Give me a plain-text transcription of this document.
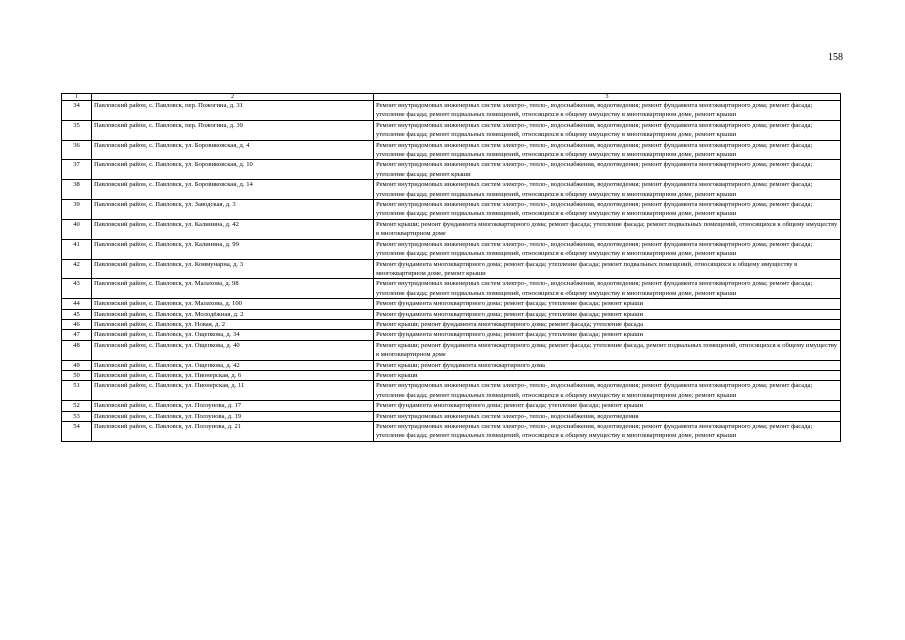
158
1	2	3
34	Павловский район, с. Павловск, пер. Пожогина, д. 31	Ремонт внутридомовых инженерных систем электро-, тепло-, водоснабжения, водоотведения; ремонт фундамента многоквартирного дома; ремонт фасада; утепление фасада; ремонт подвальных помещений, относящихся к общему имуществу в многоквартирном доме, ремонт крыши
35	Павловский район, с. Павловск, пер. Пожогина, д. 39	Ремонт внутридомовых инженерных систем электро-, тепло-, водоснабжения, водоотведения; ремонт фундамента многоквартирного дома; ремонт фасада; утепление фасада; ремонт подвальных помещений, относящихся к общему имуществу в многоквартирном доме, ремонт крыши
36	Павловский район, с. Павловск, ул. Боровиковская, д. 4	Ремонт внутридомовых инженерных систем электро-, тепло-, водоснабжения, водоотведения; ремонт фундамента многоквартирного дома; ремонт фасада; утепление фасада; ремонт подвальных помещений, относящихся к общему имуществу в многоквартирном доме, ремонт крыши
37	Павловский район, с. Павловск, ул. Боровиковская, д. 10	Ремонт внутридомовых инженерных систем электро-, тепло-, водоснабжения, водоотведения; ремонт фундамента многоквартирного дома; ремонт фасада; утепление фасада; ремонт крыши
38	Павловский район, с. Павловск, ул. Боровиковская, д. 14	Ремонт внутридомовых инженерных систем электро-, тепло-, водоснабжения, водоотведения; ремонт фундамента многоквартирного дома; ремонт фасада; утепление фасада; ремонт подвальных помещений, относящихся к общему имуществу в многоквартирном доме, ремонт крыши
39	Павловский район, с. Павловск, ул. Заводская, д. 3	Ремонт внутридомовых инженерных систем электро-, тепло-, водоснабжения, водоотведения; ремонт фундамента многоквартирного дома; ремонт фасада; утепление фасада; ремонт подвальных помещений, относящихся к общему имуществу в многоквартирном доме, ремонт крыши
40	Павловский район, с. Павловск, ул. Калинина, д. 42	Ремонт крыши; ремонт фундамента многоквартирного дома; ремонт фасада; утепление фасада; ремонт подвальных помещений, относящихся к общему имуществу в многоквартирном доме
41	Павловский район, с. Павловск, ул. Калинина, д. 99	Ремонт внутридомовых инженерных систем электро-, тепло-, водоснабжения, водоотведения; ремонт фундамента многоквартирного дома; ремонт фасада; утепление фасада; ремонт подвальных помещений, относящихся к общему имуществу в многоквартирном доме, ремонт крыши
42	Павловский район, с. Павловск, ул. Коммунарна, д. 3	Ремонт фундамента многоквартирного дома; ремонт фасада; утепление фасада; ремонт подвальных помещений, относящихся к общему имуществу в многоквартирном доме, ремонт крыши
43	Павловский район, с. Павловск, ул. Малахова, д. 98	Ремонт внутридомовых инженерных систем электро-, тепло-, водоснабжения, водоотведения; ремонт фундамента многоквартирного дома; ремонт фасада; утепление фасада; ремонт подвальных помещений, относящихся к общему имуществу в многоквартирном доме, ремонт крыши
44	Павловский район, с. Павловск, ул. Малахова, д. 100	Ремонт фундамента многоквартирного дома; ремонт фасада; утепление фасада; ремонт крыши
45	Павловский район, с. Павловск, ул. Молодёжная, д. 2	Ремонт фундамента многоквартирного дома; ремонт фасада; утепление фасада; ремонт крыши
46	Павловский район, с. Павловск, ул. Новая, д. 2	Ремонт крыши; ремонт фундамента многоквартирного дома; ремонт фасада; утепление фасада
47	Павловский район, с. Павловск, ул. Ощепкова, д. 34	Ремонт фундамента многоквартирного дома; ремонт фасада; утепление фасада; ремонт крыши
48	Павловский район, с. Павловск, ул. Ощепкова, д. 40	Ремонт крыши; ремонт фундамента многоквартирного дома; ремонт фасада; утепление фасада, ремонт подвальных помещений, относящихся к общему имуществу в многоквартирном доме
49	Павловский район, с. Павловск, ул. Ощепкова, д. 42	Ремонт крыши; ремонт фундамента многоквартирного дома
50	Павловский район, с. Павловск, ул. Пионерская, д. 6	Ремонт крыши
51	Павловский район, с. Павловск, ул. Пионерская, д. 11	Ремонт внутридомовых инженерных систем электро-, тепло-, водоснабжения, водоотведения; ремонт фундамента многоквартирного дома; ремонт фасада; утепление фасада; ремонт подвальных помещений, относящихся к общему имуществу в многоквартирном доме; ремонт крыши
52	Павловский район, с. Павловск, ул. Ползунова, д. 17	Ремонт фундамента многоквартирного дома; ремонт фасада; утепление фасада; ремонт крыши
53	Павловский район, с. Павловск, ул. Ползунова, д. 19	Ремонт внутридомовых инженерных систем электро-, тепло-, водоснабжения, водоотведения
54	Павловский район, с. Павловск, ул. Ползунова, д. 21	Ремонт внутридомовых инженерных систем электро-, тепло-, водоснабжения, водоотведения; ремонт фундамента многоквартирного дома; ремонт фасада; утепление фасада; ремонт подвальных помещений, относящихся к общему имуществу в многоквартирном доме, ремонт крыши
